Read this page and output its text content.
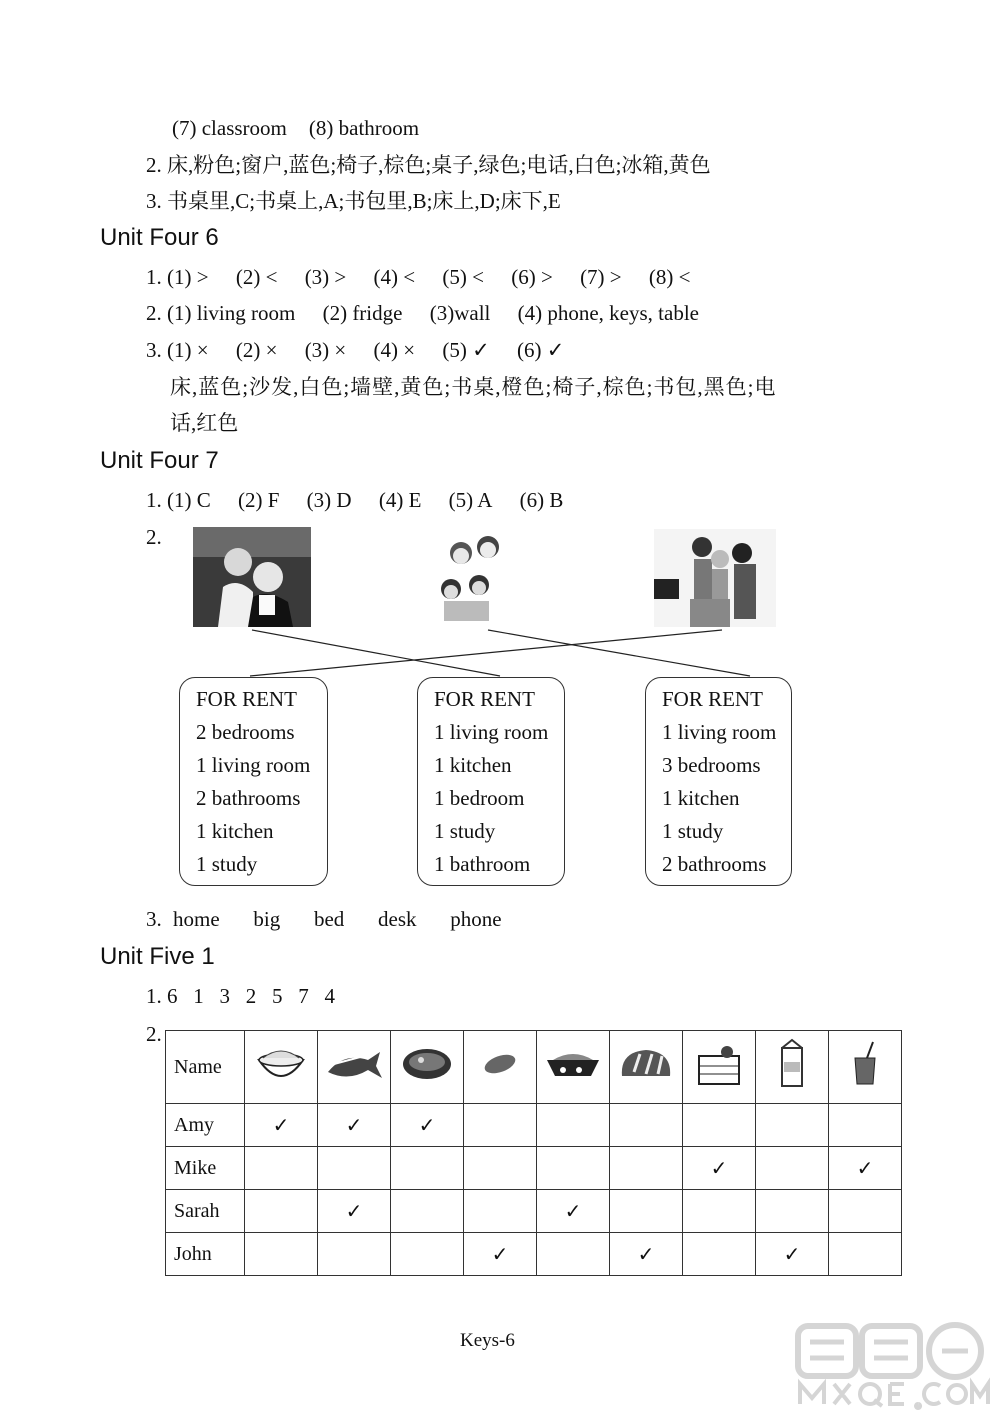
(7) classroom (8) bathroom
2. 床,粉色;窗户,蓝色;椅子,棕色;桌子,绿色;电话,白色;冰箱,黄色
3. 书桌里,C;书桌上,A;书包里,B;床上,D;床下,E
Unit Four 6
1. (1) > (2) < (3) > (4) < (5) < (6) > (7) > (8) <
2. (1) living room (2) fridge (3)wall (4) phone, keys, table
3. (1) × (2) × (3) × (4) × (5) ✓ (6) ✓
床,蓝色;沙发,白色;墙壁,黄色;书桌,橙色;椅子,棕色;书包,黑色;电
话,红色
Unit Four 7
1. (1) C (2) F (3) D (4) E (5) A (6) B
2.
FOR RENT
2 bedrooms
1 living room
2 bathrooms
1 kitchen
1 study
FOR RENT
1 living room
1 kitchen
1 bedroom
1 study
1 bathroom
FOR RENT
1 living room
3 bedrooms
1 kitchen
1 study
2 bathrooms
3. home   big   bed   desk   phone
Unit Five 1
1. 6   1   3   2   5   7   4
2.
Name									
Amy	✓	✓	✓						
Mike							✓		✓
Sarah		✓			✓				
John				✓		✓		✓	
Keys-6
